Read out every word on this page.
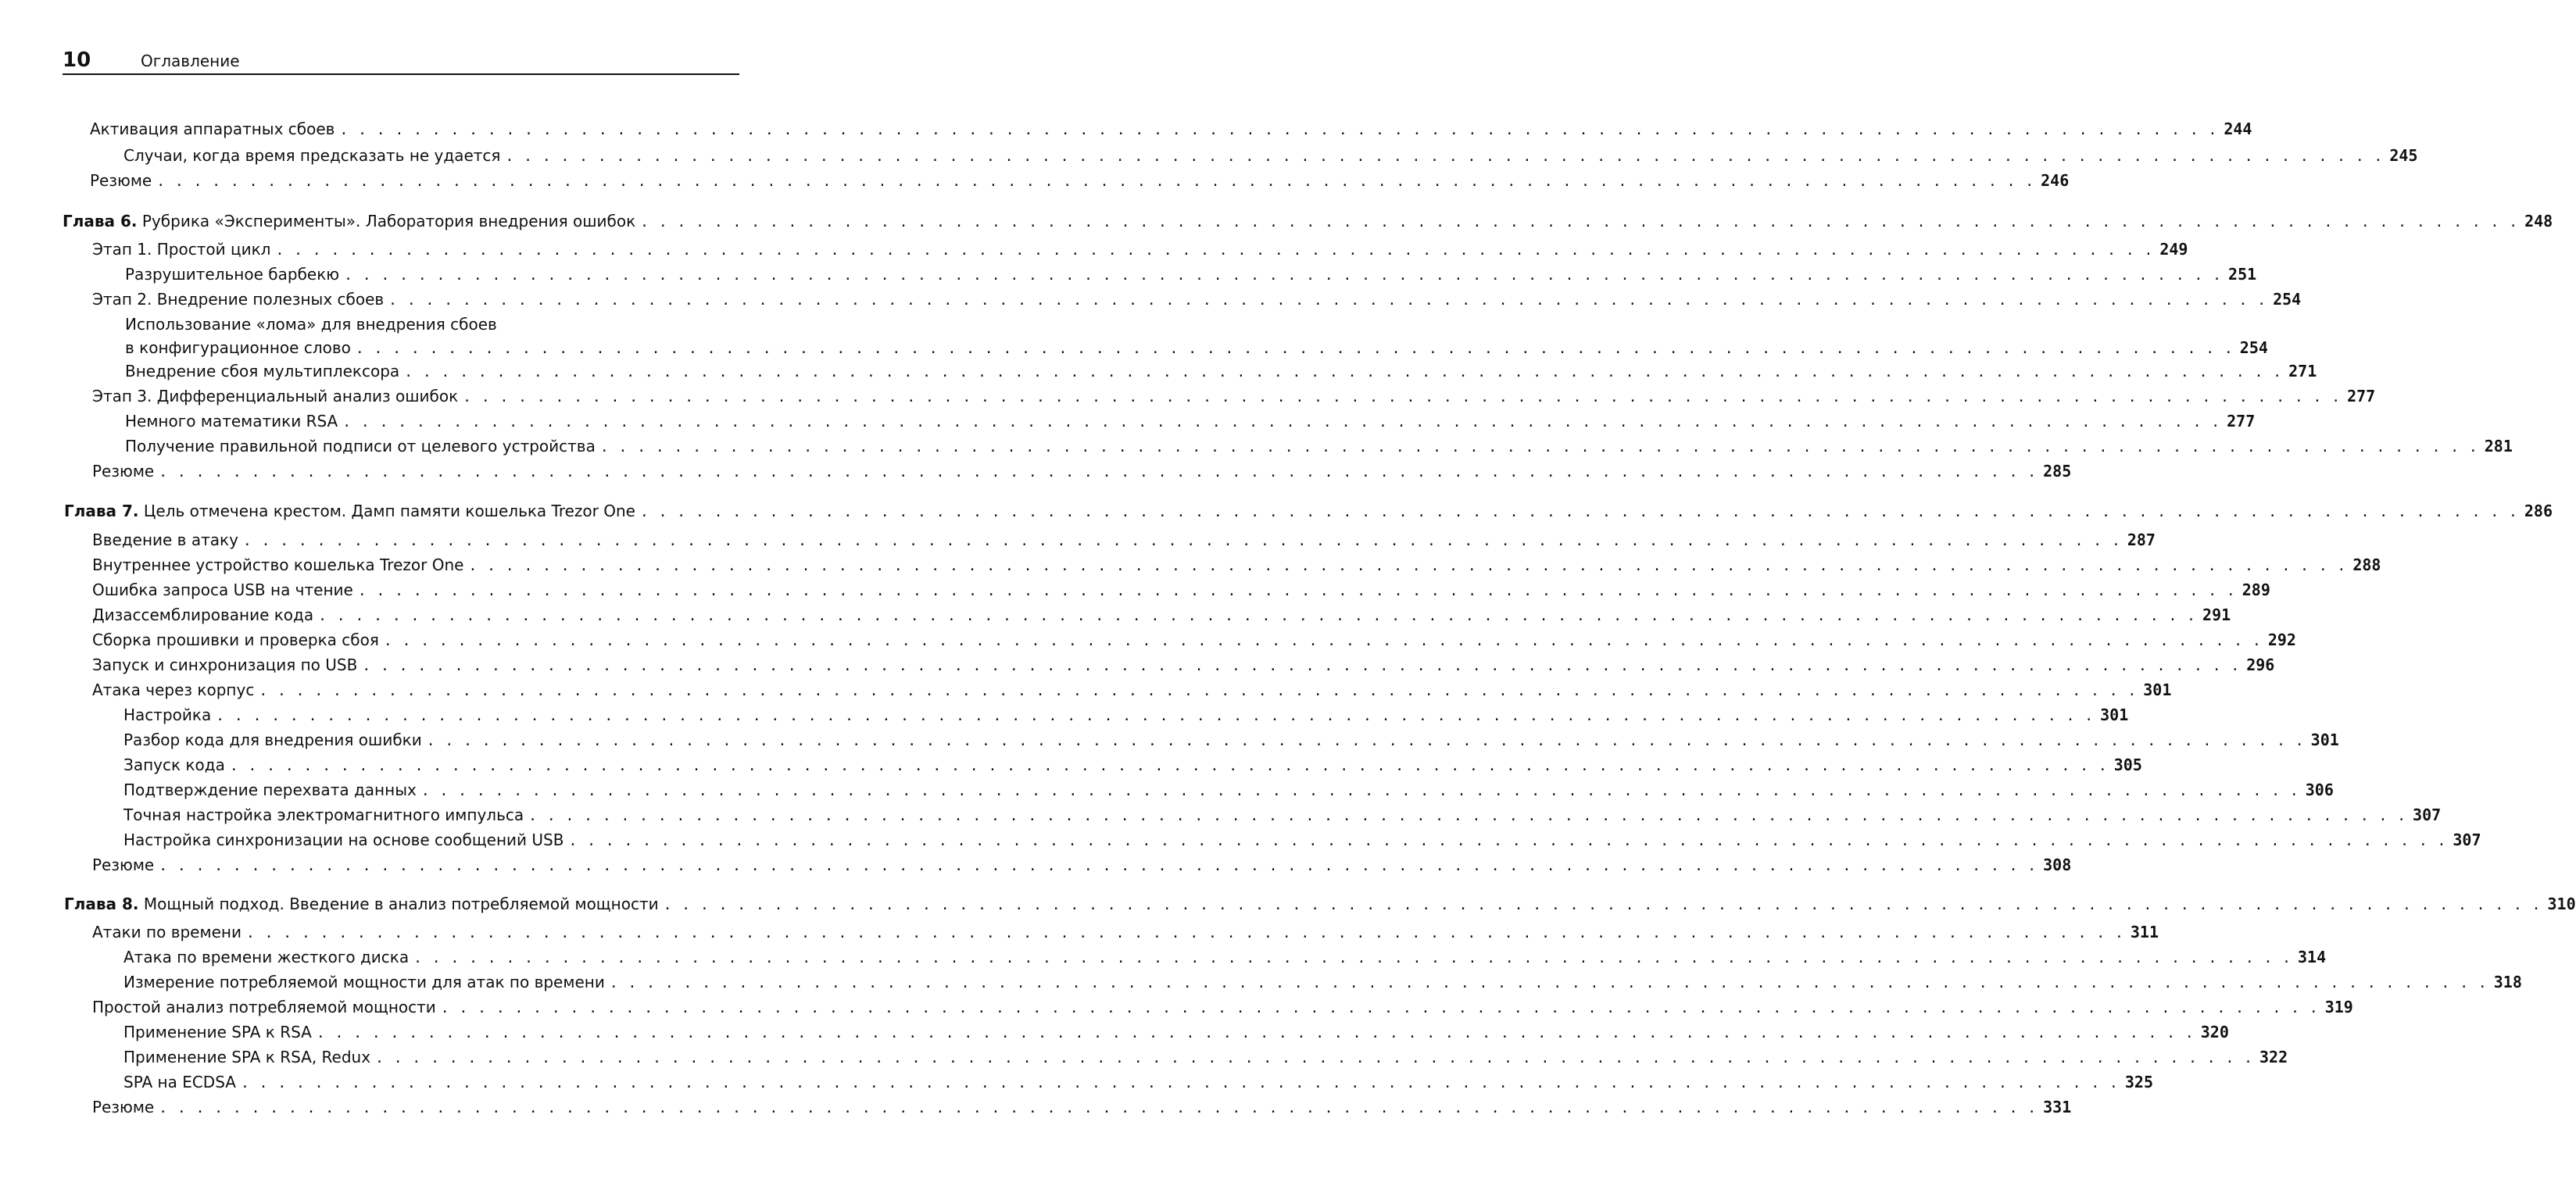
10	Оглавление
Активация аппаратных сбоев . . . . . . . . . . . . . . . . . . . . . . . . . . . . . . . . . . . . . . . . . . . . . . . . . . . . . . . . . . . . . . . . . . . . . . . . . . . . . . . . . . . . . . . . . . . . . . . . . . . . . . 244
Случаи, когда время предсказать не удается . . . . . . . . . . . . . . . . . . . . . . . . . . . . . . . . . . . . . . . . . . . . . . . . . . . . . . . . . . . . . . . . . . . . . . . . . . . . . . . . . . . . . . . . . . . . . . . . . . . . . . 245
Резюме . . . . . . . . . . . . . . . . . . . . . . . . . . . . . . . . . . . . . . . . . . . . . . . . . . . . . . . . . . . . . . . . . . . . . . . . . . . . . . . . . . . . . . . . . . . . . . . . . . . . . . 246
Глава 6. Рубрика «Эксперименты». Лаборатория внедрения ошибок . . . . . . . . . . . . . . . . . . . . . . . . . . . . . . . . . . . . . . . . . . . . . . . . . . . . . . . . . . . . . . . . . . . . . . . . . . . . . . . . . . . . . . . . . . . . . . . . . . . . . . 248
Этап 1. Простой цикл . . . . . . . . . . . . . . . . . . . . . . . . . . . . . . . . . . . . . . . . . . . . . . . . . . . . . . . . . . . . . . . . . . . . . . . . . . . . . . . . . . . . . . . . . . . . . . . . . . . . . . 249
Разрушительное барбекю . . . . . . . . . . . . . . . . . . . . . . . . . . . . . . . . . . . . . . . . . . . . . . . . . . . . . . . . . . . . . . . . . . . . . . . . . . . . . . . . . . . . . . . . . . . . . . . . . . . . . . 251
Этап 2. Внедрение полезных сбоев . . . . . . . . . . . . . . . . . . . . . . . . . . . . . . . . . . . . . . . . . . . . . . . . . . . . . . . . . . . . . . . . . . . . . . . . . . . . . . . . . . . . . . . . . . . . . . . . . . . . . . 254
Использование «лома» для внедрения сбоев
в конфигурационное слово . . . . . . . . . . . . . . . . . . . . . . . . . . . . . . . . . . . . . . . . . . . . . . . . . . . . . . . . . . . . . . . . . . . . . . . . . . . . . . . . . . . . . . . . . . . . . . . . . . . . . . 254
Внедрение сбоя мультиплексора . . . . . . . . . . . . . . . . . . . . . . . . . . . . . . . . . . . . . . . . . . . . . . . . . . . . . . . . . . . . . . . . . . . . . . . . . . . . . . . . . . . . . . . . . . . . . . . . . . . . . . 271
Этап 3. Дифференциальный анализ ошибок . . . . . . . . . . . . . . . . . . . . . . . . . . . . . . . . . . . . . . . . . . . . . . . . . . . . . . . . . . . . . . . . . . . . . . . . . . . . . . . . . . . . . . . . . . . . . . . . . . . . . . 277
Немного математики RSA . . . . . . . . . . . . . . . . . . . . . . . . . . . . . . . . . . . . . . . . . . . . . . . . . . . . . . . . . . . . . . . . . . . . . . . . . . . . . . . . . . . . . . . . . . . . . . . . . . . . . . 277
Получение правильной подписи от целевого устройства . . . . . . . . . . . . . . . . . . . . . . . . . . . . . . . . . . . . . . . . . . . . . . . . . . . . . . . . . . . . . . . . . . . . . . . . . . . . . . . . . . . . . . . . . . . . . . . . . . . . . . 281
Резюме . . . . . . . . . . . . . . . . . . . . . . . . . . . . . . . . . . . . . . . . . . . . . . . . . . . . . . . . . . . . . . . . . . . . . . . . . . . . . . . . . . . . . . . . . . . . . . . . . . . . . . 285
Глава 7. Цель отмечена крестом. Дамп памяти кошелька Trezor One . . . . . . . . . . . . . . . . . . . . . . . . . . . . . . . . . . . . . . . . . . . . . . . . . . . . . . . . . . . . . . . . . . . . . . . . . . . . . . . . . . . . . . . . . . . . . . . . . . . . . . 286
Введение в атаку . . . . . . . . . . . . . . . . . . . . . . . . . . . . . . . . . . . . . . . . . . . . . . . . . . . . . . . . . . . . . . . . . . . . . . . . . . . . . . . . . . . . . . . . . . . . . . . . . . . . . . 287
Внутреннее устройство кошелька Trezor One . . . . . . . . . . . . . . . . . . . . . . . . . . . . . . . . . . . . . . . . . . . . . . . . . . . . . . . . . . . . . . . . . . . . . . . . . . . . . . . . . . . . . . . . . . . . . . . . . . . . . . 288
Ошибка запроса USB на чтение . . . . . . . . . . . . . . . . . . . . . . . . . . . . . . . . . . . . . . . . . . . . . . . . . . . . . . . . . . . . . . . . . . . . . . . . . . . . . . . . . . . . . . . . . . . . . . . . . . . . . . 289
Дизассемблирование кода . . . . . . . . . . . . . . . . . . . . . . . . . . . . . . . . . . . . . . . . . . . . . . . . . . . . . . . . . . . . . . . . . . . . . . . . . . . . . . . . . . . . . . . . . . . . . . . . . . . . . . 291
Сборка прошивки и проверка сбоя . . . . . . . . . . . . . . . . . . . . . . . . . . . . . . . . . . . . . . . . . . . . . . . . . . . . . . . . . . . . . . . . . . . . . . . . . . . . . . . . . . . . . . . . . . . . . . . . . . . . . . 292
Запуск и синхронизация по USB . . . . . . . . . . . . . . . . . . . . . . . . . . . . . . . . . . . . . . . . . . . . . . . . . . . . . . . . . . . . . . . . . . . . . . . . . . . . . . . . . . . . . . . . . . . . . . . . . . . . . . 296
Атака через корпус . . . . . . . . . . . . . . . . . . . . . . . . . . . . . . . . . . . . . . . . . . . . . . . . . . . . . . . . . . . . . . . . . . . . . . . . . . . . . . . . . . . . . . . . . . . . . . . . . . . . . . 301
Настройка . . . . . . . . . . . . . . . . . . . . . . . . . . . . . . . . . . . . . . . . . . . . . . . . . . . . . . . . . . . . . . . . . . . . . . . . . . . . . . . . . . . . . . . . . . . . . . . . . . . . . . 301
Разбор кода для внедрения ошибки . . . . . . . . . . . . . . . . . . . . . . . . . . . . . . . . . . . . . . . . . . . . . . . . . . . . . . . . . . . . . . . . . . . . . . . . . . . . . . . . . . . . . . . . . . . . . . . . . . . . . . 301
Запуск кода . . . . . . . . . . . . . . . . . . . . . . . . . . . . . . . . . . . . . . . . . . . . . . . . . . . . . . . . . . . . . . . . . . . . . . . . . . . . . . . . . . . . . . . . . . . . . . . . . . . . . . 305
Подтверждение перехвата данных . . . . . . . . . . . . . . . . . . . . . . . . . . . . . . . . . . . . . . . . . . . . . . . . . . . . . . . . . . . . . . . . . . . . . . . . . . . . . . . . . . . . . . . . . . . . . . . . . . . . . . 306
Точная настройка электромагнитного импульса . . . . . . . . . . . . . . . . . . . . . . . . . . . . . . . . . . . . . . . . . . . . . . . . . . . . . . . . . . . . . . . . . . . . . . . . . . . . . . . . . . . . . . . . . . . . . . . . . . . . . . 307
Настройка синхронизации на основе сообщений USB . . . . . . . . . . . . . . . . . . . . . . . . . . . . . . . . . . . . . . . . . . . . . . . . . . . . . . . . . . . . . . . . . . . . . . . . . . . . . . . . . . . . . . . . . . . . . . . . . . . . . . 307
Резюме . . . . . . . . . . . . . . . . . . . . . . . . . . . . . . . . . . . . . . . . . . . . . . . . . . . . . . . . . . . . . . . . . . . . . . . . . . . . . . . . . . . . . . . . . . . . . . . . . . . . . . 308
Глава 8. Мощный подход. Введение в анализ потребляемой мощности . . . . . . . . . . . . . . . . . . . . . . . . . . . . . . . . . . . . . . . . . . . . . . . . . . . . . . . . . . . . . . . . . . . . . . . . . . . . . . . . . . . . . . . . . . . . . . . . . . . . . . 310
Атаки по времени . . . . . . . . . . . . . . . . . . . . . . . . . . . . . . . . . . . . . . . . . . . . . . . . . . . . . . . . . . . . . . . . . . . . . . . . . . . . . . . . . . . . . . . . . . . . . . . . . . . . . . 311
Атака по времени жесткого диска . . . . . . . . . . . . . . . . . . . . . . . . . . . . . . . . . . . . . . . . . . . . . . . . . . . . . . . . . . . . . . . . . . . . . . . . . . . . . . . . . . . . . . . . . . . . . . . . . . . . . . 314
Измерение потребляемой мощности для атак по времени . . . . . . . . . . . . . . . . . . . . . . . . . . . . . . . . . . . . . . . . . . . . . . . . . . . . . . . . . . . . . . . . . . . . . . . . . . . . . . . . . . . . . . . . . . . . . . . . . . . . . . 318
Простой анализ потребляемой мощности . . . . . . . . . . . . . . . . . . . . . . . . . . . . . . . . . . . . . . . . . . . . . . . . . . . . . . . . . . . . . . . . . . . . . . . . . . . . . . . . . . . . . . . . . . . . . . . . . . . . . . 319
Применение SPA к RSA . . . . . . . . . . . . . . . . . . . . . . . . . . . . . . . . . . . . . . . . . . . . . . . . . . . . . . . . . . . . . . . . . . . . . . . . . . . . . . . . . . . . . . . . . . . . . . . . . . . . . . 320
Применение SPA к RSA, Redux . . . . . . . . . . . . . . . . . . . . . . . . . . . . . . . . . . . . . . . . . . . . . . . . . . . . . . . . . . . . . . . . . . . . . . . . . . . . . . . . . . . . . . . . . . . . . . . . . . . . . . 322
SPA на ECDSA . . . . . . . . . . . . . . . . . . . . . . . . . . . . . . . . . . . . . . . . . . . . . . . . . . . . . . . . . . . . . . . . . . . . . . . . . . . . . . . . . . . . . . . . . . . . . . . . . . . . . . 325
Резюме . . . . . . . . . . . . . . . . . . . . . . . . . . . . . . . . . . . . . . . . . . . . . . . . . . . . . . . . . . . . . . . . . . . . . . . . . . . . . . . . . . . . . . . . . . . . . . . . . . . . . . 331
